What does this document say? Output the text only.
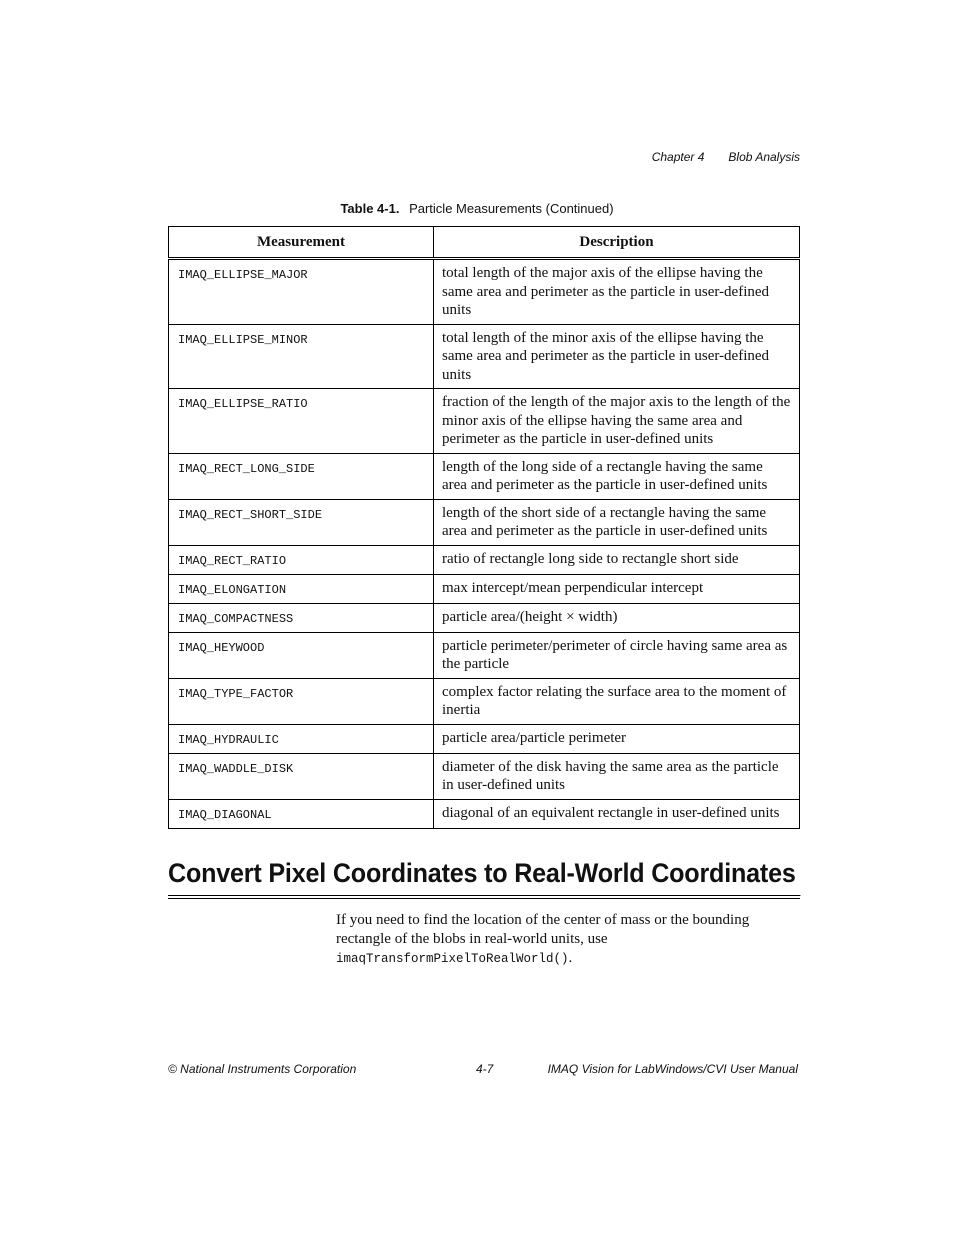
Chapter 4 Blob Analysis
Table 4-1. Particle Measurements (Continued)
Measurement	Description
IMAQ_ELLIPSE_MAJOR	total length of the major axis of the ellipse having the same area and perimeter as the particle in user-defined units
IMAQ_ELLIPSE_MINOR	total length of the minor axis of the ellipse having the same area and perimeter as the particle in user-defined units
IMAQ_ELLIPSE_RATIO	fraction of the length of the major axis to the length of the minor axis of the ellipse having the same area and perimeter as the particle in user-defined units
IMAQ_RECT_LONG_SIDE	length of the long side of a rectangle having the same area and perimeter as the particle in user-defined units
IMAQ_RECT_SHORT_SIDE	length of the short side of a rectangle having the same area and perimeter as the particle in user-defined units
IMAQ_RECT_RATIO	ratio of rectangle long side to rectangle short side
IMAQ_ELONGATION	max intercept/mean perpendicular intercept
IMAQ_COMPACTNESS	particle area/(height × width)
IMAQ_HEYWOOD	particle perimeter/perimeter of circle having same area as the particle
IMAQ_TYPE_FACTOR	complex factor relating the surface area to the moment of inertia
IMAQ_HYDRAULIC	particle area/particle perimeter
IMAQ_WADDLE_DISK	diameter of the disk having the same area as the particle in user-defined units
IMAQ_DIAGONAL	diagonal of an equivalent rectangle in user-defined units
Convert Pixel Coordinates to Real-World Coordinates

If you need to find the location of the center of mass or the bounding rectangle of the blobs in real-world units, use
imaqTransformPixelToRealWorld().

© National Instruments Corporation	4-7	IMAQ Vision for LabWindows/CVI User Manual
